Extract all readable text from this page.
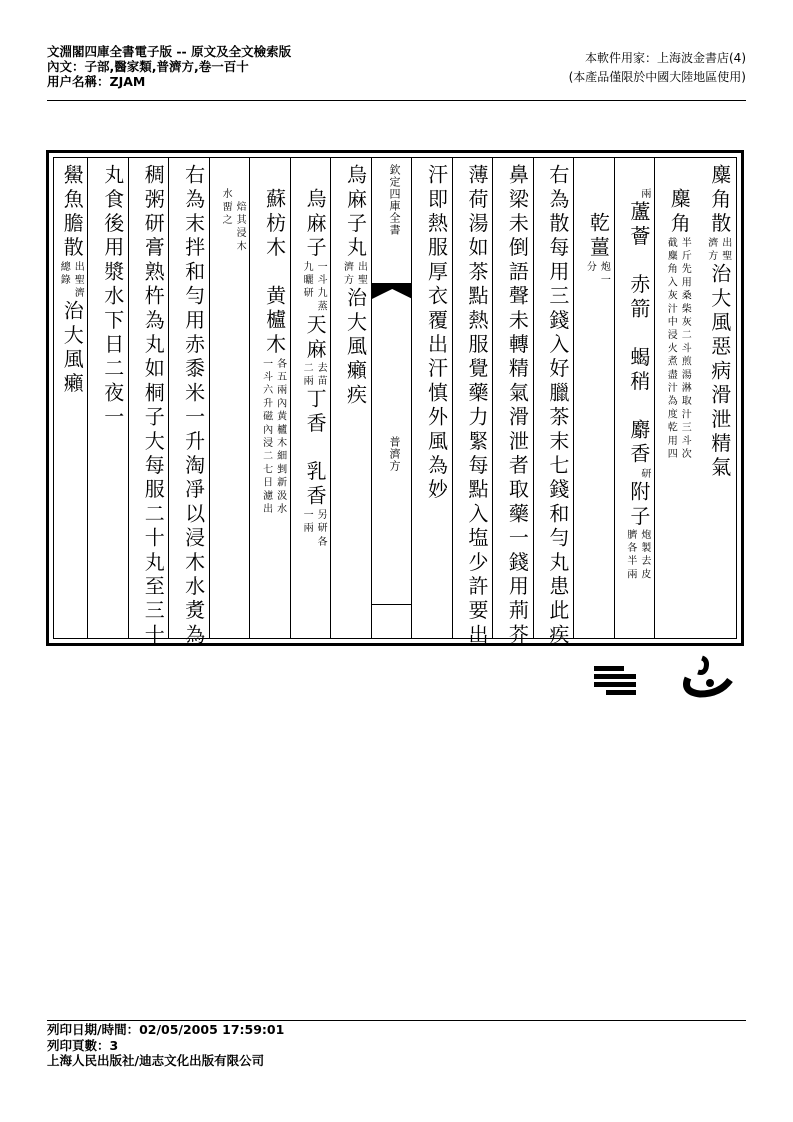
文淵閣四庫全書電子版 -- 原文及全文檢索版
內文：子部,醫家類,普濟方,卷一百十
用户名稱：ZJAM
本軟件用家：上海波金書店(4)
(本產品僅限於中國大陸地區使用)
麋角散
出聖
濟方
治大風惡病滑泄精氣
麋角
半斤先用桑柴灰二斗煎湯淋取汁三斗次
截麋角入灰汁中浸火煮盡汁為度乾用四
兩
蘆薈　赤箭　蝎稍　麝香
研
附子
炮製去皮
臍各半兩
乾薑
炮一
分
右為散每用三錢入好臘茶末七錢和勻丸患此疾
鼻梁未倒語聲未轉精氣滑泄者取藥一錢用荊芥
薄荷湯如茶點熱服覺藥力緊每點入塩少許要出
汗即熱服厚衣覆出汗慎外風為妙
欽定四庫全書
普濟方
烏麻子丸
出聖
濟方
治大風癩疾
烏麻子
一斗九蒸
九曬研
天麻
去苗
二兩
丁香　乳香
另研
一兩
各
蘇枋木　黄櫨木
各五兩內黄櫨木細剉新汲水
一斗六升磁內浸二七日濾出
水
焙其浸木
畱之
右為末拌和勻用赤黍米一升淘凈以浸木水煑為
稠粥研膏熟杵為丸如桐子大每服二十丸至三十
丸食後用漿水下日二夜一
鱟魚膽散
出聖濟
總錄
治大風癩
列印日期/時間：02/05/2005 17:59:01
列印頁數：3
上海人民出版社/迪志文化出版有限公司
